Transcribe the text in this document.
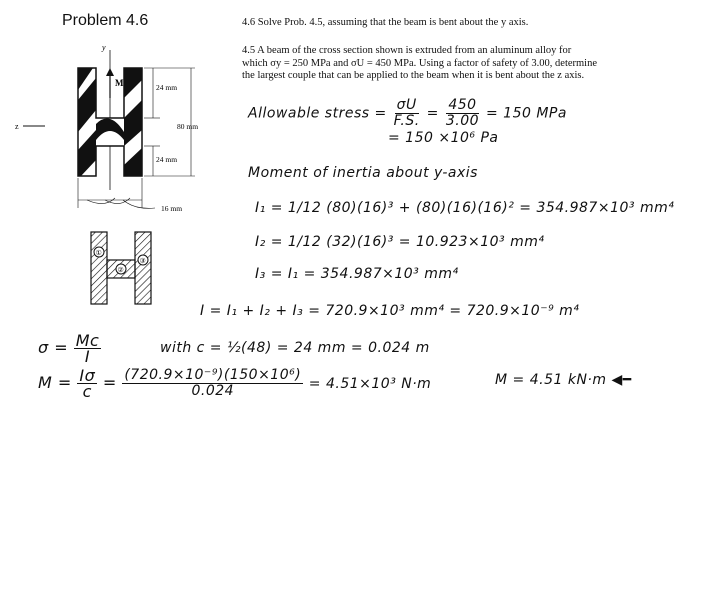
Problem 4.6	4.6 Solve Prob. 4.5, assuming that the beam is bent about the y axis.
4.5 A beam of the cross section shown is extruded from an aluminum alloy for
which σy = 250 MPa and σU = 450 MPa. Using a factor of safety of 3.00, determine
the largest couple that can be applied to the beam when it is bent about the z axis.
z
y
M	24 mm
80 mm
24 mm
16 mm
①
②
③
Allowable stress = $\frac{\sigma U}{F.S.} = \frac{450}{3.00} = 150$ MPa
= 150 ×10⁶ Pa
Moment of inertia about y-axis
I₁ = 1/12 (80)(16)³ + (80)(16)(16)² = 354.987×10³ mm⁴
I₂ = 1/12 (32)(16)³ = 10.923×10³ mm⁴
I₃ = I₁ = 354.987×10³ mm⁴
I = I₁ + I₂ + I₃ = 720.9×10³ mm⁴ = 720.9×10⁻⁹ m⁴
$\sigma = \frac{Mc}{I}$	with c = ½(48) = 24 mm = 0.024 m
$M = \frac{I\sigma}{c} = \frac{\text{(720.9×10⁻⁹)(150×10⁶)}}{0.024} = 4.51\times 10^3$ N·m	M = 4.51 kN·m ◀━
